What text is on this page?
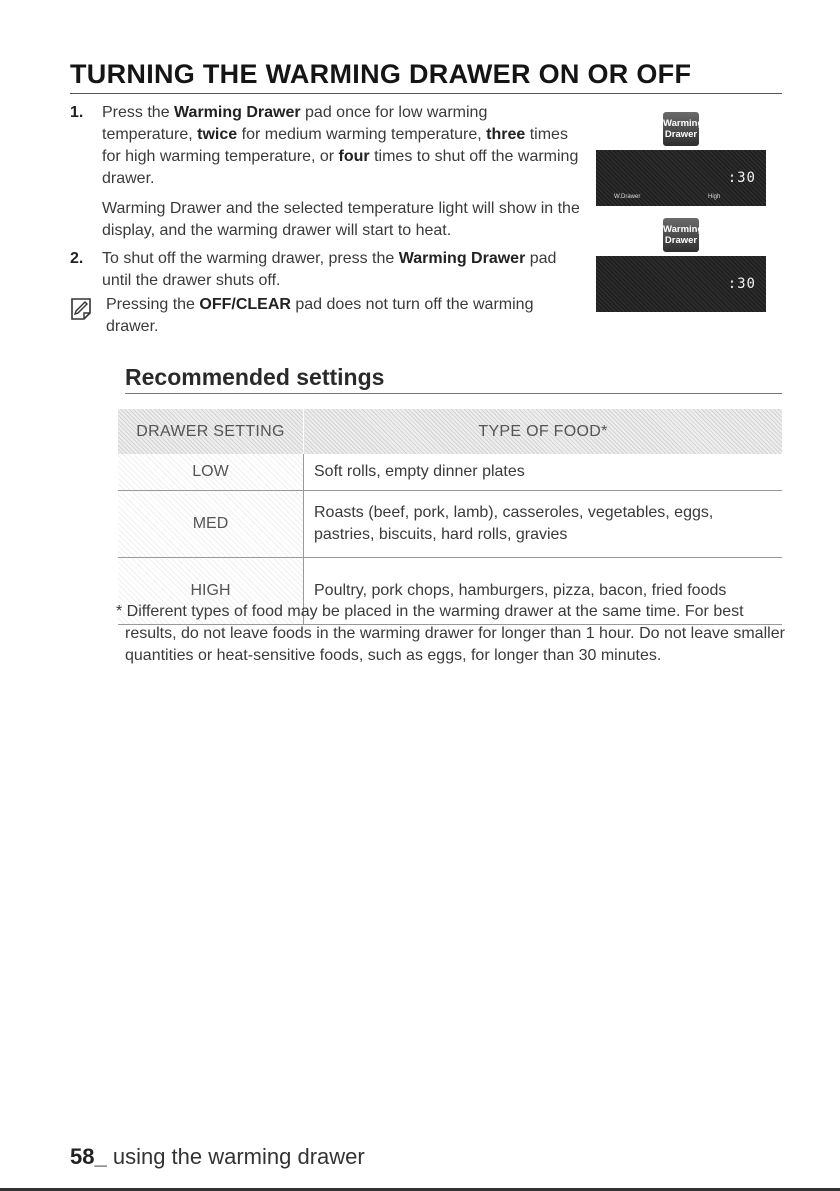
TURNING THE WARMING DRAWER ON OR OFF
1. Press the Warming Drawer pad once for low warming temperature, twice for medium warming temperature, three times for high warming temperature, or four times to shut off the warming drawer.

Warming Drawer and the selected temperature light will show in the display, and the warming drawer will start to heat.

2. To shut off the warming drawer, press the Warming Drawer pad until the drawer shuts off.

Pressing the OFF/CLEAR pad does not turn off the warming drawer.

Warming
Drawer
W.Drawer	High
:30
Warming
Drawer
:30
Recommended settings
DRAWER SETTING	TYPE OF FOOD*
LOW	Soft rolls, empty dinner plates
MED	Roasts (beef, pork, lamb), casseroles, vegetables, eggs, pastries, biscuits, hard rolls, gravies
HIGH	Poultry, pork chops, hamburgers, pizza, bacon, fried foods

* Different types of food may be placed in the warming drawer at the same time. For best results, do not leave foods in the warming drawer for longer than 1 hour. Do not leave smaller quantities or heat-sensitive foods, such as eggs, for longer than 30 minutes.

58_ using the warming drawer
